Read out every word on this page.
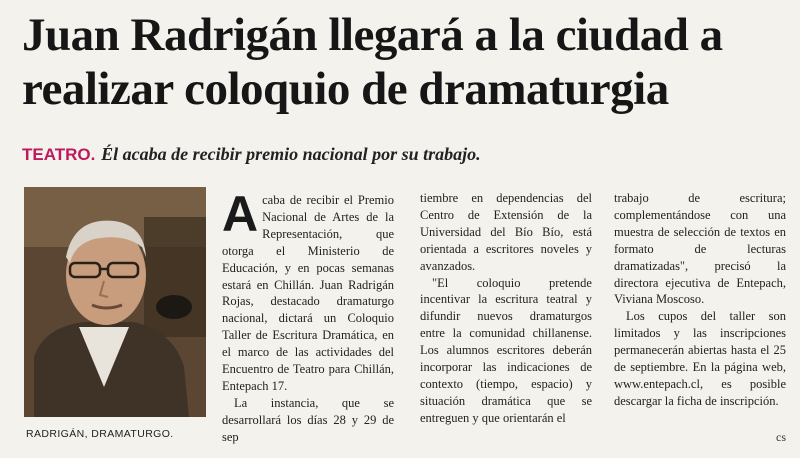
Juan Radrigán llegará a la ciudad a
realizar coloquio de dramaturgia
TEATRO. Él acaba de recibir premio nacional por su trabajo.
RADRIGÁN, DRAMATURGO.

Acaba de recibir el Premio Nacional de Artes de la Representación, que otorga el Ministerio de Educación, y en pocas semanas estará en Chillán. Juan Radrigán Rojas, destacado dramaturgo nacional, dictará un Coloquio Taller de Escritura Dramática, en el marco de las actividades del Encuentro de Teatro para Chillán, Entepach 17.

La instancia, que se desarrollará los días 28 y 29 de sep

tiembre en dependencias del Centro de Extensión de la Universidad del Bío Bío, está orientada a escritores noveles y avanzados.

"El coloquio pretende incentivar la escritura teatral y difundir nuevos dramaturgos entre la comunidad chillanense. Los alumnos escritores deberán incorporar las indicaciones de contexto (tiempo, espacio) y situación dramática que se entreguen y que orientarán el

trabajo de escritura; complementándose con una muestra de selección de textos en formato de lecturas dramatizadas", precisó la directora ejecutiva de Entepach, Viviana Moscoso.

Los cupos del taller son limitados y las inscripciones permanecerán abiertas hasta el 25 de septiembre. En la página web, www.entepach.cl, es posible descargar la ficha de inscripción.

cs
